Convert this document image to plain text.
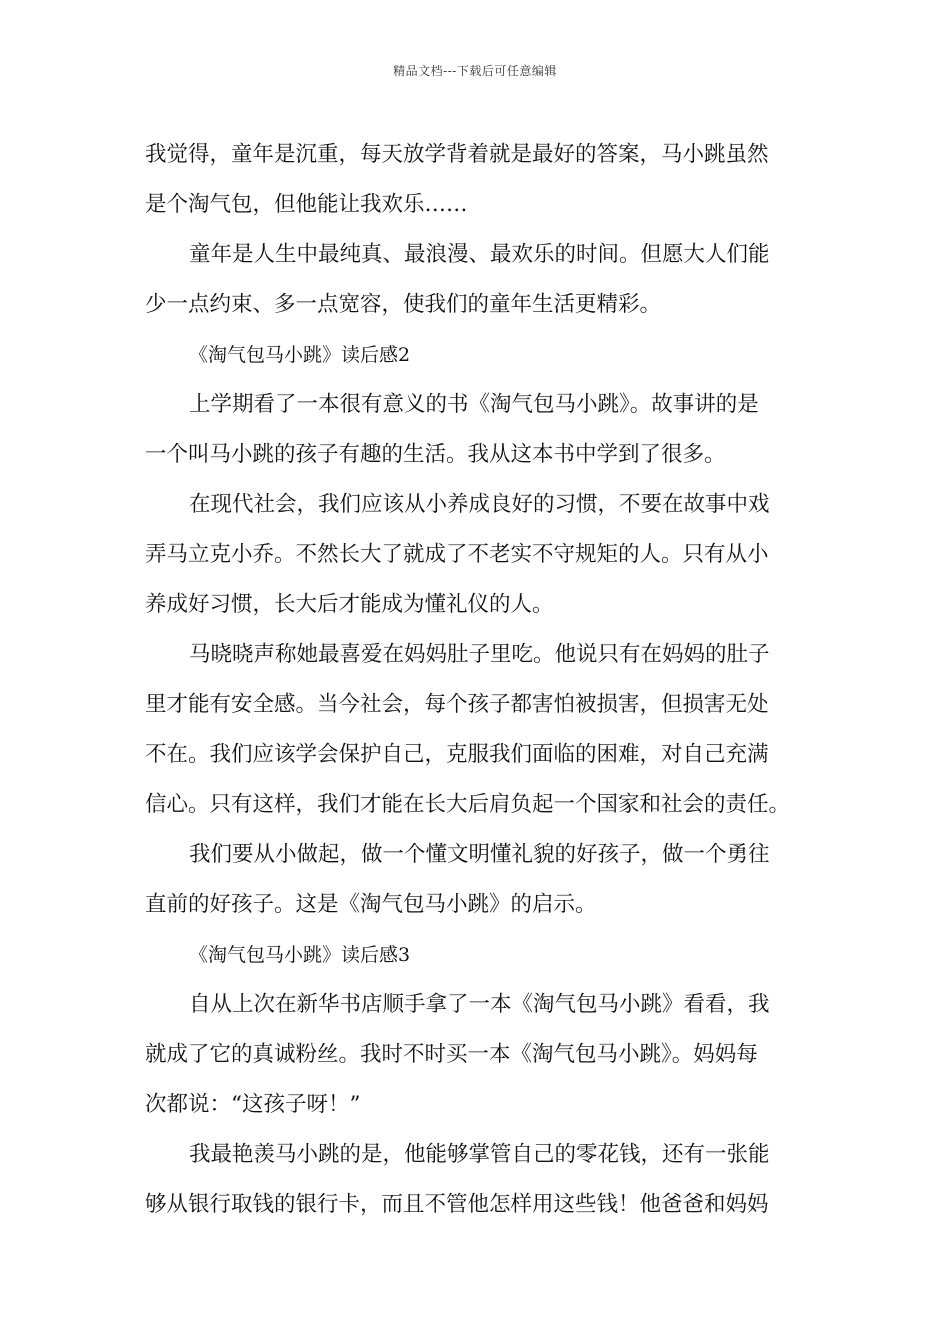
精品文档---下载后可任意编辑
我觉得，童年是沉重，每天放学背着就是最好的答案，马小跳虽然
是个淘气包，但他能让我欢乐……
童年是人生中最纯真、最浪漫、最欢乐的时间。但愿大人们能
少一点约束、多一点宽容，使我们的童年生活更精彩。
《淘气包马小跳》读后感2
上学期看了一本很有意义的书《淘气包马小跳》。故事讲的是
一个叫马小跳的孩子有趣的生活。我从这本书中学到了很多。
在现代社会，我们应该从小养成良好的习惯，不要在故事中戏
弄马立克小乔。不然长大了就成了不老实不守规矩的人。只有从小
养成好习惯，长大后才能成为懂礼仪的人。
马晓晓声称她最喜爱在妈妈肚子里吃。他说只有在妈妈的肚子
里才能有安全感。当今社会，每个孩子都害怕被损害，但损害无处
不在。我们应该学会保护自己，克服我们面临的困难，对自己充满
信心。只有这样，我们才能在长大后肩负起一个国家和社会的责任。
我们要从小做起，做一个懂文明懂礼貌的好孩子，做一个勇往
直前的好孩子。这是《淘气包马小跳》的启示。
《淘气包马小跳》读后感3
自从上次在新华书店顺手拿了一本《淘气包马小跳》看看，我
就成了它的真诚粉丝。我时不时买一本《淘气包马小跳》。妈妈每
次都说：“这孩子呀！”
我最艳羡马小跳的是，他能够掌管自己的零花钱，还有一张能
够从银行取钱的银行卡，而且不管他怎样用这些钱！他爸爸和妈妈
